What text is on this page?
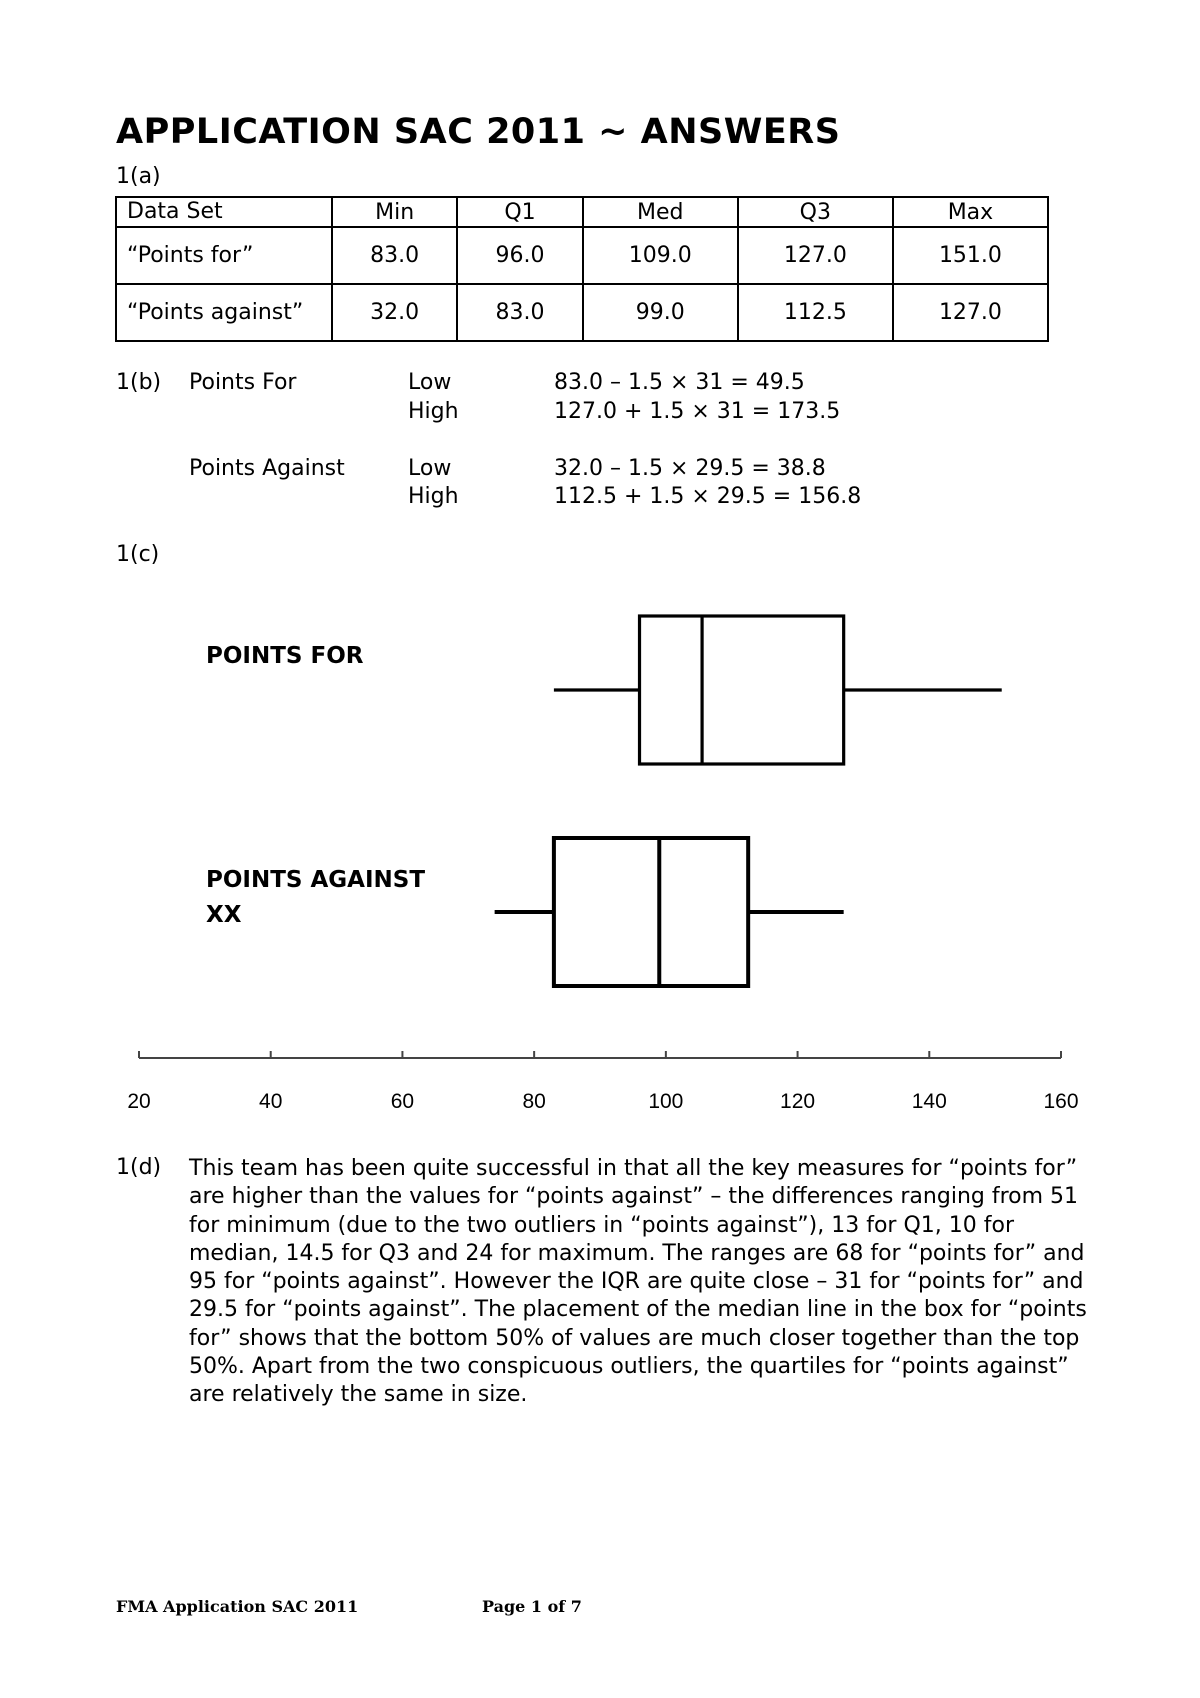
APPLICATION SAC 2011 ~ ANSWERS
1(a)
Data Set	Min	Q1	Med	Q3	Max
“Points for”	83.0	96.0	109.0	127.0	151.0
“Points against”	32.0	83.0	99.0	112.5	127.0
1(b) Points For	Low	83.0 – 1.5 × 31 = 49.5
High	127.0 + 1.5 × 31 = 173.5
Points Against	Low	32.0 – 1.5 × 29.5 = 38.8
High	112.5 + 1.5 × 29.5 = 156.8
1(c)
POINTS FOR
POINTS AGAINST
XX
20	40	60	80	100	120	140	160
1(d) This team has been quite successful in that all the key measures for “points for” are higher than the values for “points against” – the differences ranging from 51 for minimum (due to the two outliers in “points against”), 13 for Q1, 10 for median, 14.5 for Q3 and 24 for maximum. The ranges are 68 for “points for” and 95 for “points against”. However the IQR are quite close – 31 for “points for” and 29.5 for “points against”. The placement of the median line in the box for “points for” shows that the bottom 50% of values are much closer together than the top 50%. Apart from the two conspicuous outliers, the quartiles for “points against” are relatively the same in size.
FMA Application SAC 2011	Page 1 of 7
